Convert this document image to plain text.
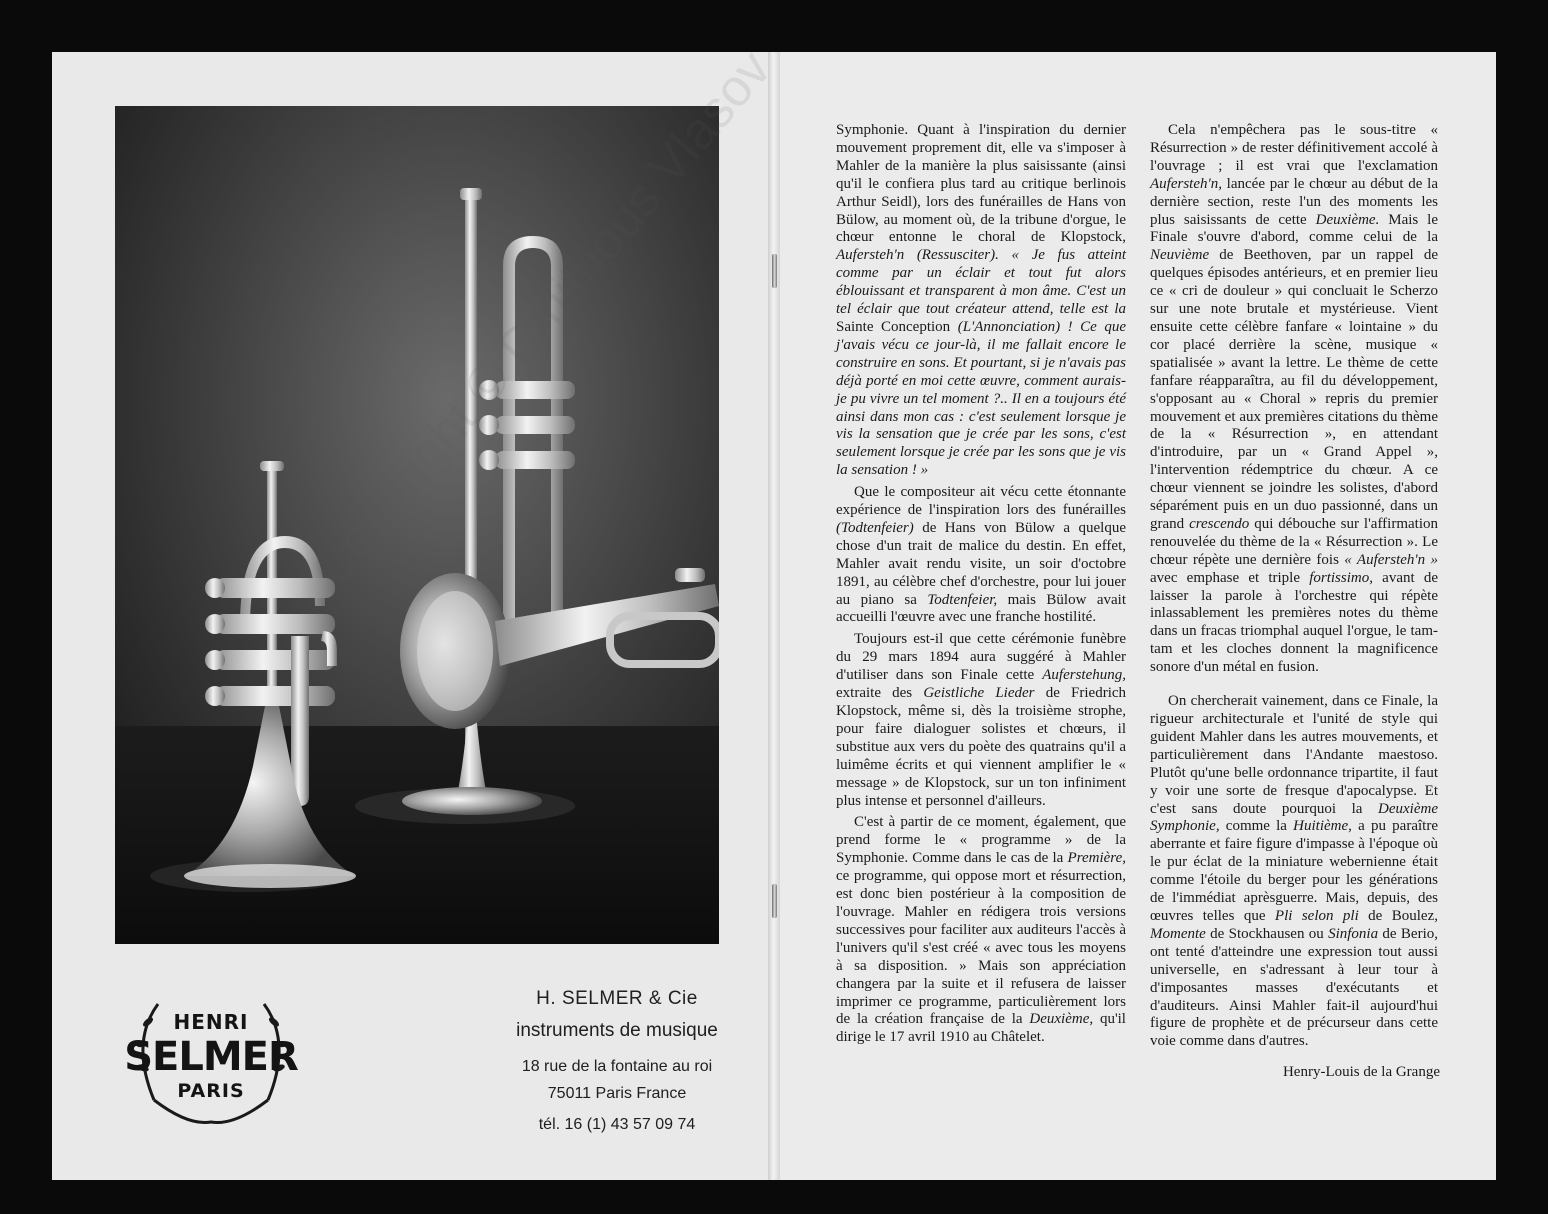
HENRI
SELMER
PARIS
H. SELMER & Cie
instruments de musique
18 rue de la fontaine au roi
75011 Paris France
tél. 16 (1) 43 57 09 74

Symphonie. Quant à l'inspiration du dernier mouvement proprement dit, elle va s'imposer à Mahler de la manière la plus saisissante (ainsi qu'il le confiera plus tard au critique berlinois Arthur Seidl), lors des funérailles de Hans von Bülow, au moment où, de la tribune d'orgue, le chœur entonne le choral de Klopstock, Aufersteh'n (Ressusciter). « Je fus atteint comme par un éclair et tout fut alors éblouissant et transparent à mon âme. C'est un tel éclair que tout créateur attend, telle est la Sainte Conception (L'Annonciation) ! Ce que j'avais vécu ce jour-là, il me fallait encore le construire en sons. Et pourtant, si je n'avais pas déjà porté en moi cette œuvre, comment aurais-je pu vivre un tel moment ?.. Il en a toujours été ainsi dans mon cas : c'est seulement lorsque je vis la sensation que je crée par les sons, c'est seulement lorsque je crée par les sons que je vis la sensation ! »

Que le compositeur ait vécu cette étonnante expérience de l'inspiration lors des funérailles (Todtenfeier) de Hans von Bülow a quelque chose d'un trait de malice du destin. En effet, Mahler avait rendu visite, un soir d'octobre 1891, au célèbre chef d'orchestre, pour lui jouer au piano sa Todtenfeier, mais Bülow avait accueilli l'œuvre avec une franche hostilité.

Toujours est-il que cette cérémonie funèbre du 29 mars 1894 aura suggéré à Mahler d'utiliser dans son Finale cette Auferstehung, extraite des Geistliche Lieder de Friedrich Klopstock, même si, dès la troisième strophe, pour faire dialoguer solistes et chœurs, il substitue aux vers du poète des quatrains qu'il a luimême écrits et qui viennent amplifier le « message » de Klopstock, sur un ton infiniment plus intense et personnel d'ailleurs.

C'est à partir de ce moment, également, que prend forme le « programme » de la Symphonie. Comme dans le cas de la Première, ce programme, qui oppose mort et résurrection, est donc bien postérieur à la composition de l'ouvrage. Mahler en rédigera trois versions successives pour faciliter aux auditeurs l'accès à l'univers qu'il s'est créé « avec tous les moyens à sa disposition. » Mais son appréciation changera par la suite et il refusera de laisser imprimer ce programme, particulièrement lors de la création française de la Deuxième, qu'il dirige le 17 avril 1910 au Châtelet.

Cela n'empêchera pas le sous-titre « Résurrection » de rester définitivement accolé à l'ouvrage ; il est vrai que l'exclamation Aufersteh'n, lancée par le chœur au début de la dernière section, reste l'un des moments les plus saisissants de cette Deuxième. Mais le Finale s'ouvre d'abord, comme celui de la Neuvième de Beethoven, par un rappel de quelques épisodes antérieurs, et en premier lieu ce « cri de douleur » qui concluait le Scherzo sur une note brutale et mystérieuse. Vient ensuite cette célèbre fanfare « lointaine » du cor placé derrière la scène, musique « spatialisée » avant la lettre. Le thème de cette fanfare réapparaîtra, au fil du développement, s'opposant au « Choral » repris du premier mouvement et aux premières citations du thème de la « Résurrection », en attendant d'introduire, par un « Grand Appel », l'intervention rédemptrice du chœur. A ce chœur viennent se joindre les solistes, d'abord séparément puis en un duo passionné, dans un grand crescendo qui débouche sur l'affirmation renouvelée du thème de la « Résurrection ». Le chœur répète une dernière fois « Aufersteh'n » avec emphase et triple fortissimo, avant de laisser la parole à l'orchestre qui répète inlassablement les premières notes du thème dans un fracas triomphal auquel l'orgue, le tam-tam et les cloches donnent la magnificence sonore d'un métal en fusion.

On chercherait vainement, dans ce Finale, la rigueur architecturale et l'unité de style qui guident Mahler dans les autres mouvements, et particulièrement dans l'Andante maestoso. Plutôt qu'une belle ordonnance tripartite, il faut y voir une sorte de fresque d'apocalypse. Et c'est sans doute pourquoi la Deuxième Symphonie, comme la Huitième, a pu paraître aberrante et faire figure d'impasse à l'époque où le pur éclat de la miniature webernienne était comme l'étoile du berger pour les générations de l'immédiat aprèsguerre. Mais, depuis, des œuvres telles que Pli selon pli de Boulez, Momente de Stockhausen ou Sinfonia de Berio, ont tenté d'atteindre une expression tout aussi universelle, en s'adressant à leur tour à d'imposantes masses d'exécutants et d'auditeurs. Ainsi Mahler fait-il aujourd'hui figure de prophète et de précurseur dans cette voie comme dans d'autres.

Henry-Louis de la Grange
